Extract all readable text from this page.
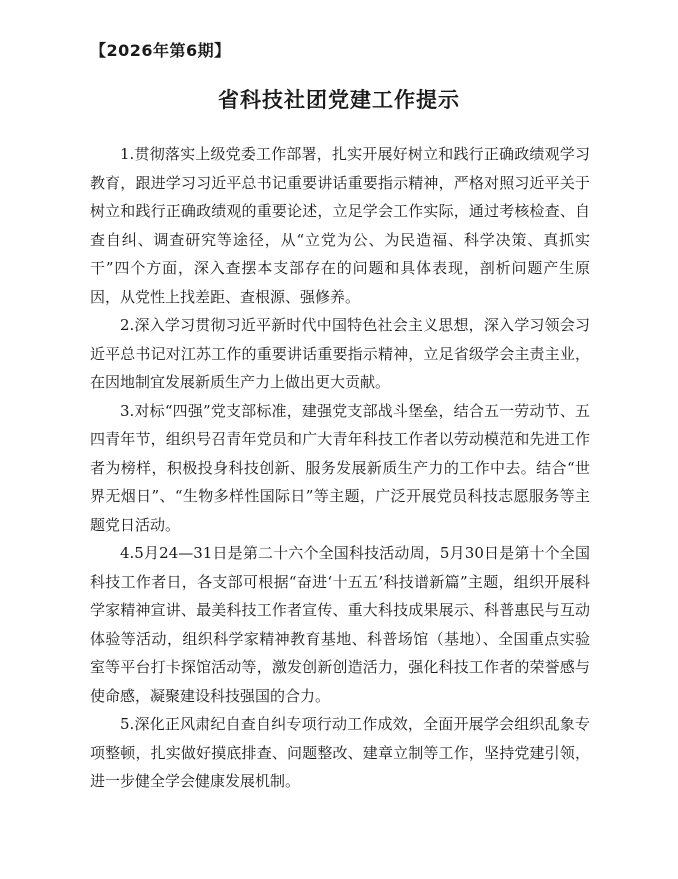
【2026年第6期】
省科技社团党建工作提示

1.贯彻落实上级党委工作部署，扎实开展好树立和践行正确政绩观学习教育，跟进学习习近平总书记重要讲话重要指示精神，严格对照习近平关于树立和践行正确政绩观的重要论述，立足学会工作实际，通过考核检查、自查自纠、调查研究等途径，从“立党为公、为民造福、科学决策、真抓实干”四个方面，深入查摆本支部存在的问题和具体表现，剖析问题产生原因，从党性上找差距、查根源、强修养。

2.深入学习贯彻习近平新时代中国特色社会主义思想，深入学习领会习近平总书记对江苏工作的重要讲话重要指示精神，立足省级学会主责主业，在因地制宜发展新质生产力上做出更大贡献。

3.对标“四强”党支部标准，建强党支部战斗堡垒，结合五一劳动节、五四青年节，组织号召青年党员和广大青年科技工作者以劳动模范和先进工作者为榜样，积极投身科技创新、服务发展新质生产力的工作中去。结合“世界无烟日”、“生物多样性国际日”等主题，广泛开展党员科技志愿服务等主题党日活动。

4.5月24—31日是第二十六个全国科技活动周，5月30日是第十个全国科技工作者日，各支部可根据“奋进‘十五五’科技谱新篇”主题，组织开展科学家精神宣讲、最美科技工作者宣传、重大科技成果展示、科普惠民与互动体验等活动，组织科学家精神教育基地、科普场馆（基地）、全国重点实验室等平台打卡探馆活动等，激发创新创造活力，强化科技工作者的荣誉感与使命感，凝聚建设科技强国的合力。

5.深化正风肃纪自查自纠专项行动工作成效，全面开展学会组织乱象专项整顿，扎实做好摸底排查、问题整改、建章立制等工作，坚持党建引领，进一步健全学会健康发展机制。
